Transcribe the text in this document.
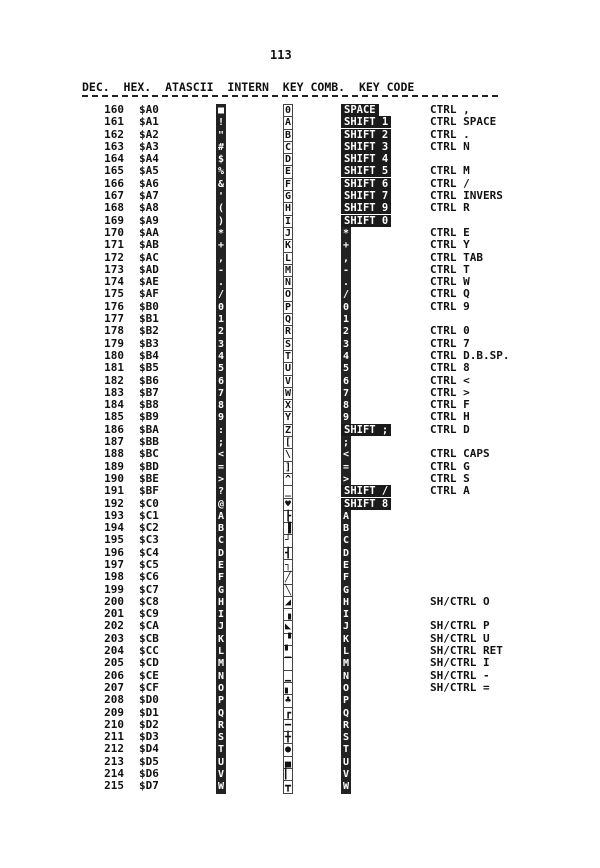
113
DEC.  HEX.  ATASCII  INTERN  KEY COMB.  KEY CODE
160 $A0	■	0	SPACE	CTRL ,
161 $A1	!	A	SHIFT 1	CTRL SPACE
162 $A2	"	B	SHIFT 2	CTRL .
163 $A3	#	C	SHIFT 3	CTRL N
164 $A4	$	D	SHIFT 4
165 $A5	%	E	SHIFT 5	CTRL M
166 $A6	&	F	SHIFT 6	CTRL /
167 $A7	'	G	SHIFT 7	CTRL INVERS
168 $A8	(	H	SHIFT 9	CTRL R
169 $A9	)	I	SHIFT 0
170 $AA	*	J	*	CTRL E
171 $AB	+	K	+	CTRL Y
172 $AC	,	L	,	CTRL TAB
173 $AD	-	M	-	CTRL T
174 $AE	.	N	.	CTRL W
175 $AF	/	O	/	CTRL Q
176 $B0	0	P	0	CTRL 9
177 $B1	1	Q	1
178 $B2	2	R	2	CTRL 0
179 $B3	3	S	3	CTRL 7
180 $B4	4	T	4	CTRL D.B.SP.
181 $B5	5	U	5	CTRL 8
182 $B6	6	V	6	CTRL <
183 $B7	7	W	7	CTRL >
184 $B8	8	X	8	CTRL F
185 $B9	9	Y	9	CTRL H
186 $BA	:	Z	SHIFT ;	CTRL D
187 $BB	;	[	;
188 $BC	<	\	<	CTRL CAPS
189 $BD	=	]	=	CTRL G
190 $BE	>	^	>	CTRL S
191 $BF	?	_	SHIFT /	CTRL A
192 $C0	@	♥	SHIFT 8
193 $C1	A	┣	A
194 $C2	B	▐	B
195 $C3	C	┘	C
196 $C4	D	┫	D
197 $C5	E	┐	E
198 $C6	F	╱	F
199 $C7	G	╲	G
200 $C8	H	◢	H	SH/CTRL O
201 $C9	I	▗	I
202 $CA	J	◣	J	SH/CTRL P
203 $CB	K	▝	K	SH/CTRL U
204 $CC	L	▘	L	SH/CTRL RET
205 $CD	M	▔	M	SH/CTRL I
206 $CE	N	▁	N	SH/CTRL -
207 $CF	O	▖	O	SH/CTRL =
208 $D0	P	♣	P
209 $D1	Q	┏	Q
210 $D2	R	━	R
211 $D3	S	╋	S
212 $D4	T	●	T
213 $D5	U	▄	U
214 $D6	V	▎	V
215 $D7	W	┳	W
